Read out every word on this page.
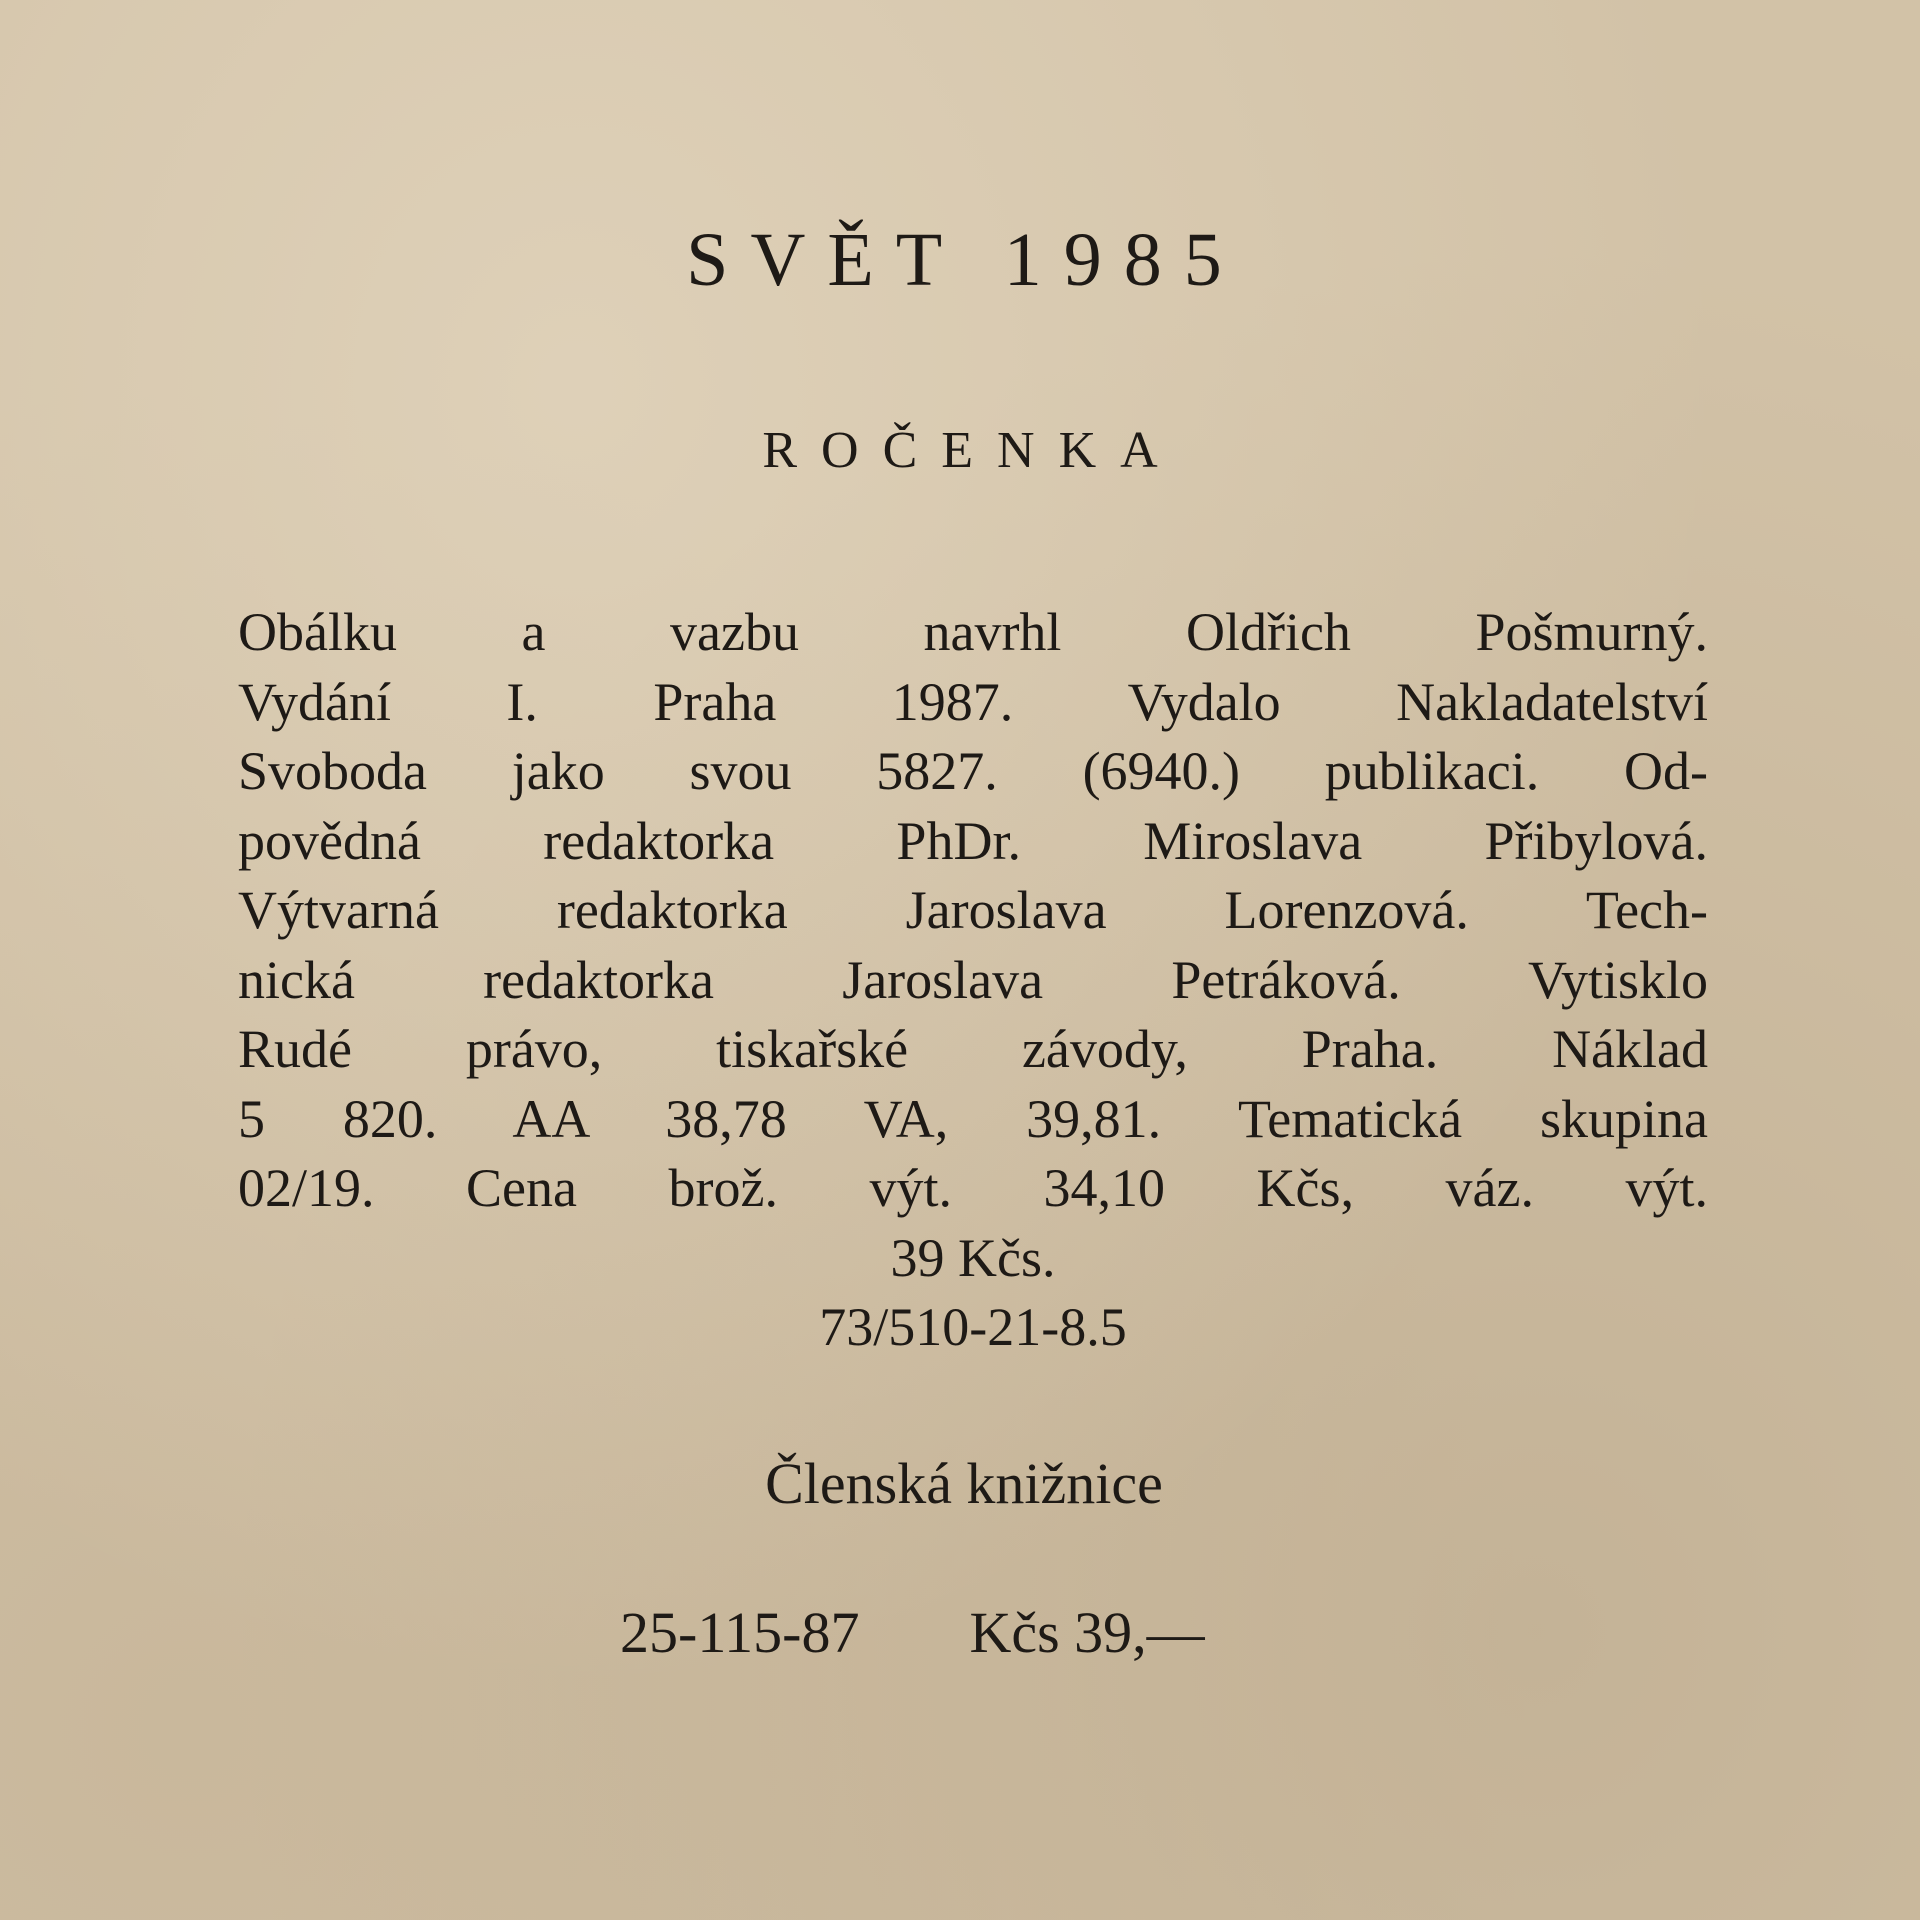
SVĚT 1985
ROČENKA
Obálku a vazbu navrhl Oldřich Pošmurný.
Vydání I. Praha 1987. Vydalo Nakladatelství
Svoboda jako svou 5827. (6940.) publikaci. Od-
povědná redaktorka PhDr. Miroslava Přibylová.
Výtvarná redaktorka Jaroslava Lorenzová. Tech-
nická redaktorka Jaroslava Petráková. Vytisklo
Rudé právo, tiskařské závody, Praha. Náklad
5 820. AA 38,78 VA, 39,81. Tematická skupina
02/19. Cena brož. výt. 34,10 Kčs, váz. výt.
39 Kčs.
73/510-21-8.5
Členská knižnice
25-115-87 Kčs 39,—
